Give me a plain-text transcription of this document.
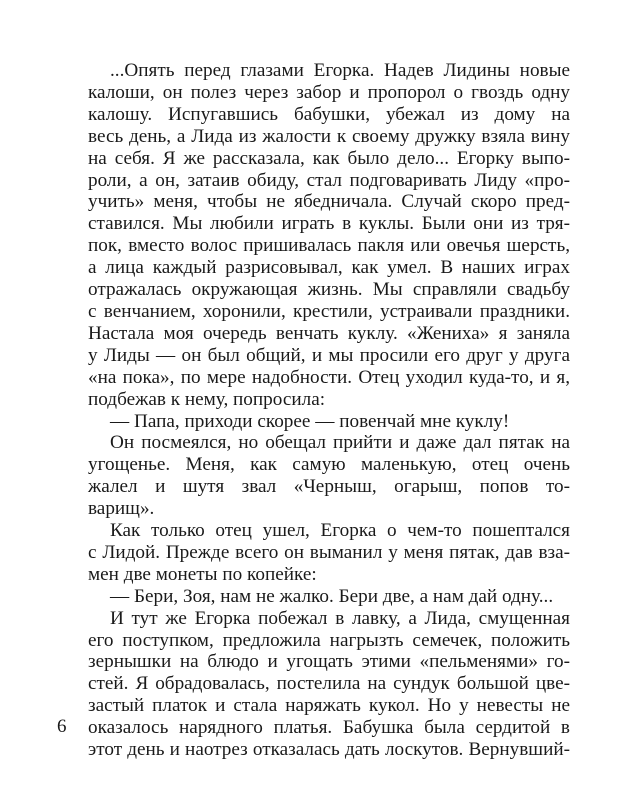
...Опять перед глазами Егорка. Надев Лидины новые
калоши, он полез через забор и пропорол о гвоздь одну
калошу. Испугавшись бабушки, убежал из дому на
весь день, а Лида из жалости к своему дружку взяла вину
на себя. Я же рассказала, как было дело... Егорку выпо-
роли, а он, затаив обиду, стал подговаривать Лиду «про-
учить» меня, чтобы не ябедничала. Случай скоро пред-
ставился. Мы любили играть в куклы. Были они из тря-
пок, вместо волос пришивалась пакля или овечья шерсть,
а лица каждый разрисовывал, как умел. В наших играх
отражалась окружающая жизнь. Мы справляли свадьбу
с венчанием, хоронили, крестили, устраивали праздники.
Настала моя очередь венчать куклу. «Жениха» я заняла
у Лиды — он был общий, и мы просили его друг у друга
«на пока», по мере надобности. Отец уходил куда-то, и я,
подбежав к нему, попросила:
— Папа, приходи скорее — повенчай мне куклу!
Он посмеялся, но обещал прийти и даже дал пятак на
угощенье. Меня, как самую маленькую, отец очень
жалел и шутя звал «Черныш, огарыш, попов то-
варищ».
Как только отец ушел, Егорка о чем-то пошептался
с Лидой. Прежде всего он выманил у меня пятак, дав вза-
мен две монеты по копейке:
— Бери, Зоя, нам не жалко. Бери две, а нам дай одну...
И тут же Егорка побежал в лавку, а Лида, смущенная
его поступком, предложила нагрызть семечек, положить
зернышки на блюдо и угощать этими «пельменями» го-
стей. Я обрадовалась, постелила на сундук большой цве-
застый платок и стала наряжать кукол. Но у невесты не
оказалось нарядного платья. Бабушка была сердитой в
этот день и наотрез отказалась дать лоскутов. Вернувший-
6
